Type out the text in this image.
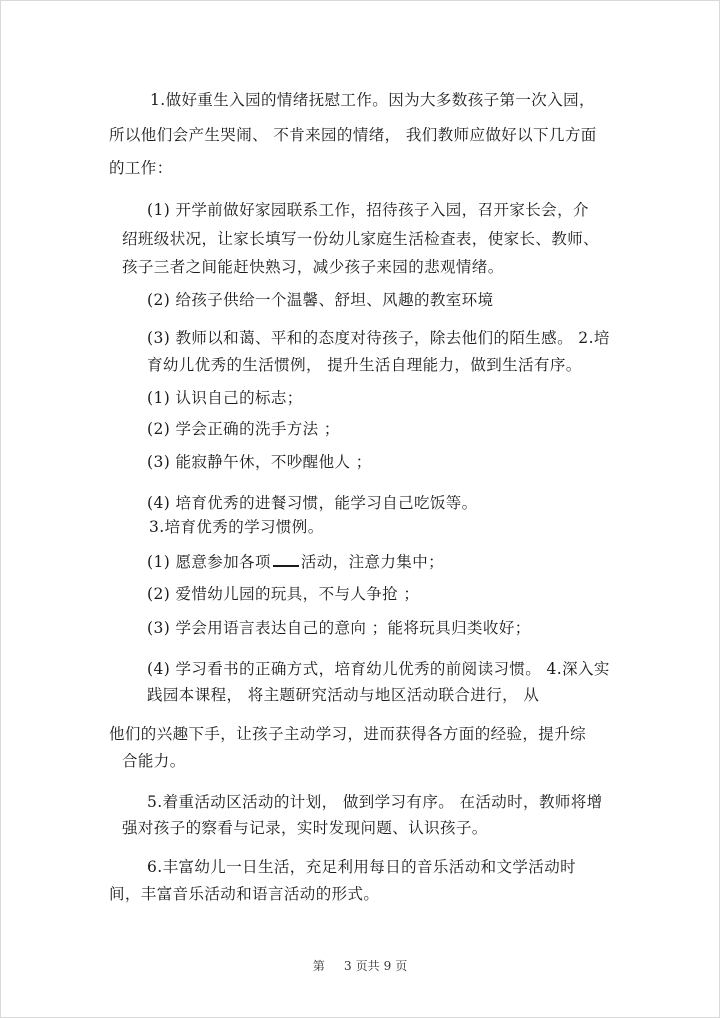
1.做好重生入园的情绪抚慰工作。因为大多数孩子第一次入园，
所以他们会产生哭闹、 不肯来园的情绪， 我们教师应做好以下几方面
的工作：
(1) 开学前做好家园联系工作，招待孩子入园，召开家长会，介
绍班级状况，让家长填写一份幼儿家庭生活检查表，使家长、教师、
孩子三者之间能赶快熟习，减少孩子来园的悲观情绪。
(2) 给孩子供给一个温馨、舒坦、风趣的教室环境
(3) 教师以和蔼、平和的态度对待孩子，除去他们的陌生感。 2.培
育幼儿优秀的生活惯例， 提升生活自理能力，做到生活有序。
(1) 认识自己的标志；
(2) 学会正确的洗手方法 ；
(3) 能寂静午休，不吵醒他人 ；
(4) 培育优秀的进餐习惯，能学习自己吃饭等。
3.培育优秀的学习惯例。
(1) 愿意参加各项 活动，注意力集中；
(2) 爱惜幼儿园的玩具，不与人争抢 ；
(3) 学会用语言表达自己的意向 ；能将玩具归类收好；
(4) 学习看书的正确方式，培育幼儿优秀的前阅读习惯。 4.深入实
践园本课程， 将主题研究活动与地区活动联合进行， 从
他们的兴趣下手，让孩子主动学习，进而获得各方面的经验，提升综
合能力。
5.着重活动区活动的计划， 做到学习有序。 在活动时，教师将增
强对孩子的察看与记录，实时发现问题、认识孩子。
6.丰富幼儿一日生活，充足利用每日的音乐活动和文学活动时
间，丰富音乐活动和语言活动的形式。
第 3 页共 9 页
